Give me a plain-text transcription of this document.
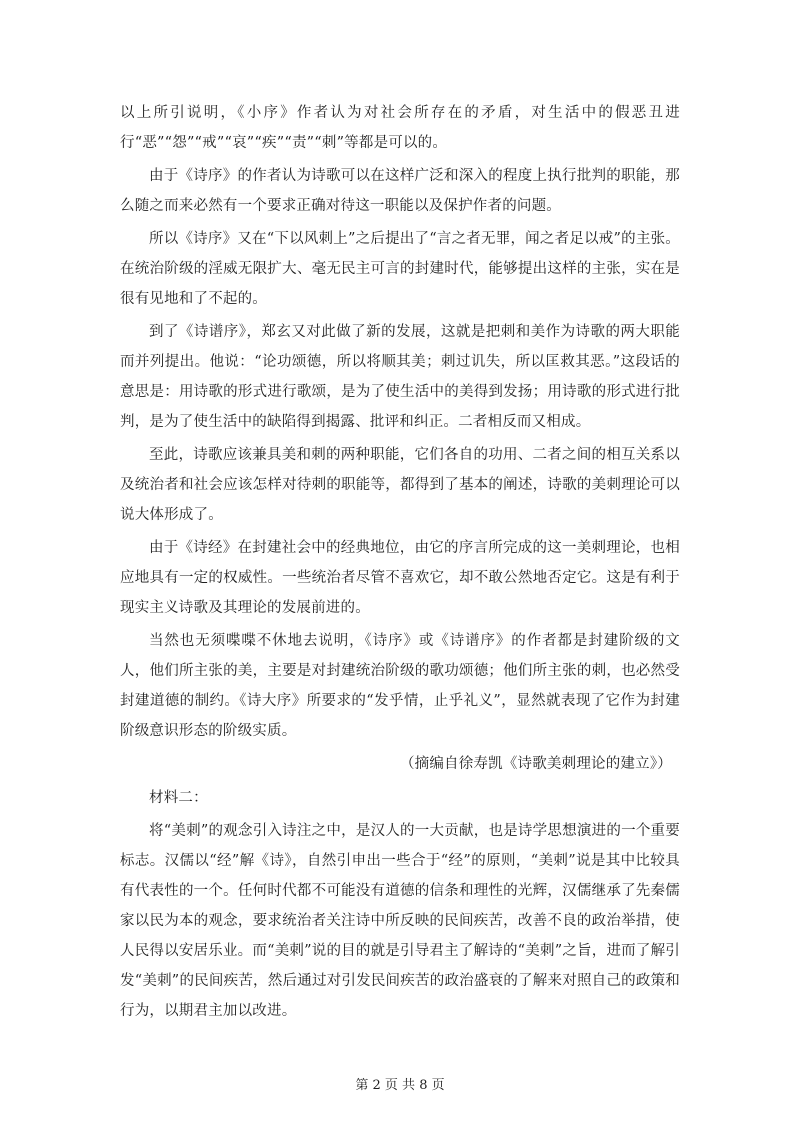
以上所引说明，《小序》作者认为对社会所存在的矛盾，对生活中的假恶丑进行“恶”“怨”“戒”“哀”“疾”“责”“刺”等都是可以的。

由于《诗序》的作者认为诗歌可以在这样广泛和深入的程度上执行批判的职能，那么随之而来必然有一个要求正确对待这一职能以及保护作者的问题。

所以《诗序》又在“下以风刺上”之后提出了“言之者无罪，闻之者足以戒”的主张。在统治阶级的淫威无限扩大、毫无民主可言的封建时代，能够提出这样的主张，实在是很有见地和了不起的。

到了《诗谱序》，郑玄又对此做了新的发展，这就是把刺和美作为诗歌的两大职能而并列提出。他说：“论功颂德，所以将顺其美；刺过讥失，所以匡救其恶。”这段话的意思是：用诗歌的形式进行歌颂，是为了使生活中的美得到发扬；用诗歌的形式进行批判，是为了使生活中的缺陷得到揭露、批评和纠正。二者相反而又相成。

至此，诗歌应该兼具美和刺的两种职能，它们各自的功用、二者之间的相互关系以及统治者和社会应该怎样对待刺的职能等，都得到了基本的阐述，诗歌的美刺理论可以说大体形成了。

由于《诗经》在封建社会中的经典地位，由它的序言所完成的这一美刺理论，也相应地具有一定的权威性。一些统治者尽管不喜欢它，却不敢公然地否定它。这是有利于现实主义诗歌及其理论的发展前进的。

当然也无须喋喋不休地去说明，《诗序》或《诗谱序》的作者都是封建阶级的文人，他们所主张的美，主要是对封建统治阶级的歌功颂德；他们所主张的刺，也必然受封建道德的制约。《诗大序》所要求的“发乎情，止乎礼义”，显然就表现了它作为封建阶级意识形态的阶级实质。

（摘编自徐寿凯《诗歌美刺理论的建立》）

材料二：

将“美刺”的观念引入诗注之中，是汉人的一大贡献，也是诗学思想演进的一个重要标志。汉儒以“经”解《诗》，自然引申出一些合于“经”的原则，“美刺”说是其中比较具有代表性的一个。任何时代都不可能没有道德的信条和理性的光辉，汉儒继承了先秦儒家以民为本的观念，要求统治者关注诗中所反映的民间疾苦，改善不良的政治举措，使人民得以安居乐业。而“美刺”说的目的就是引导君主了解诗的“美刺”之旨，进而了解引发“美刺”的民间疾苦，然后通过对引发民间疾苦的政治盛衰的了解来对照自己的政策和行为，以期君主加以改进。

第 2 页 共 8 页
